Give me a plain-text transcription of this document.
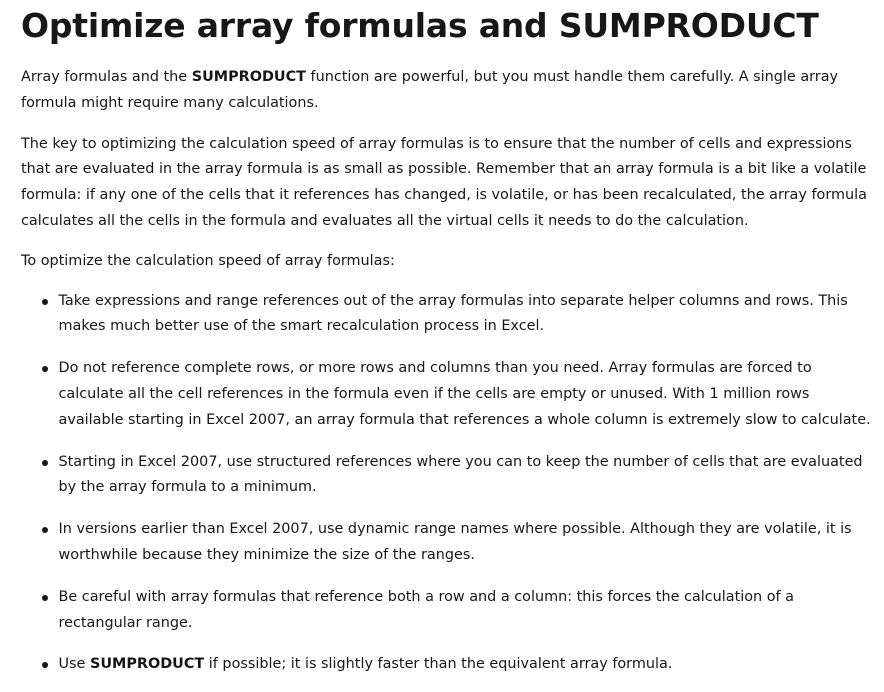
Optimize array formulas and SUMPRODUCT

Array formulas and the SUMPRODUCT function are powerful, but you must handle them carefully. A single array formula might require many calculations.

The key to optimizing the calculation speed of array formulas is to ensure that the number of cells and expressions that are evaluated in the array formula is as small as possible. Remember that an array formula is a bit like a volatile formula: if any one of the cells that it references has changed, is volatile, or has been recalculated, the array formula calculates all the cells in the formula and evaluates all the virtual cells it needs to do the calculation.

To optimize the calculation speed of array formulas:

Take expressions and range references out of the array formulas into separate helper columns and rows. This makes much better use of the smart recalculation process in Excel.
Do not reference complete rows, or more rows and columns than you need. Array formulas are forced to calculate all the cell references in the formula even if the cells are empty or unused. With 1 million rows available starting in Excel 2007, an array formula that references a whole column is extremely slow to calculate.
Starting in Excel 2007, use structured references where you can to keep the number of cells that are evaluated by the array formula to a minimum.
In versions earlier than Excel 2007, use dynamic range names where possible. Although they are volatile, it is worthwhile because they minimize the size of the ranges.
Be careful with array formulas that reference both a row and a column: this forces the calculation of a rectangular range.
Use SUMPRODUCT if possible; it is slightly faster than the equivalent array formula.
